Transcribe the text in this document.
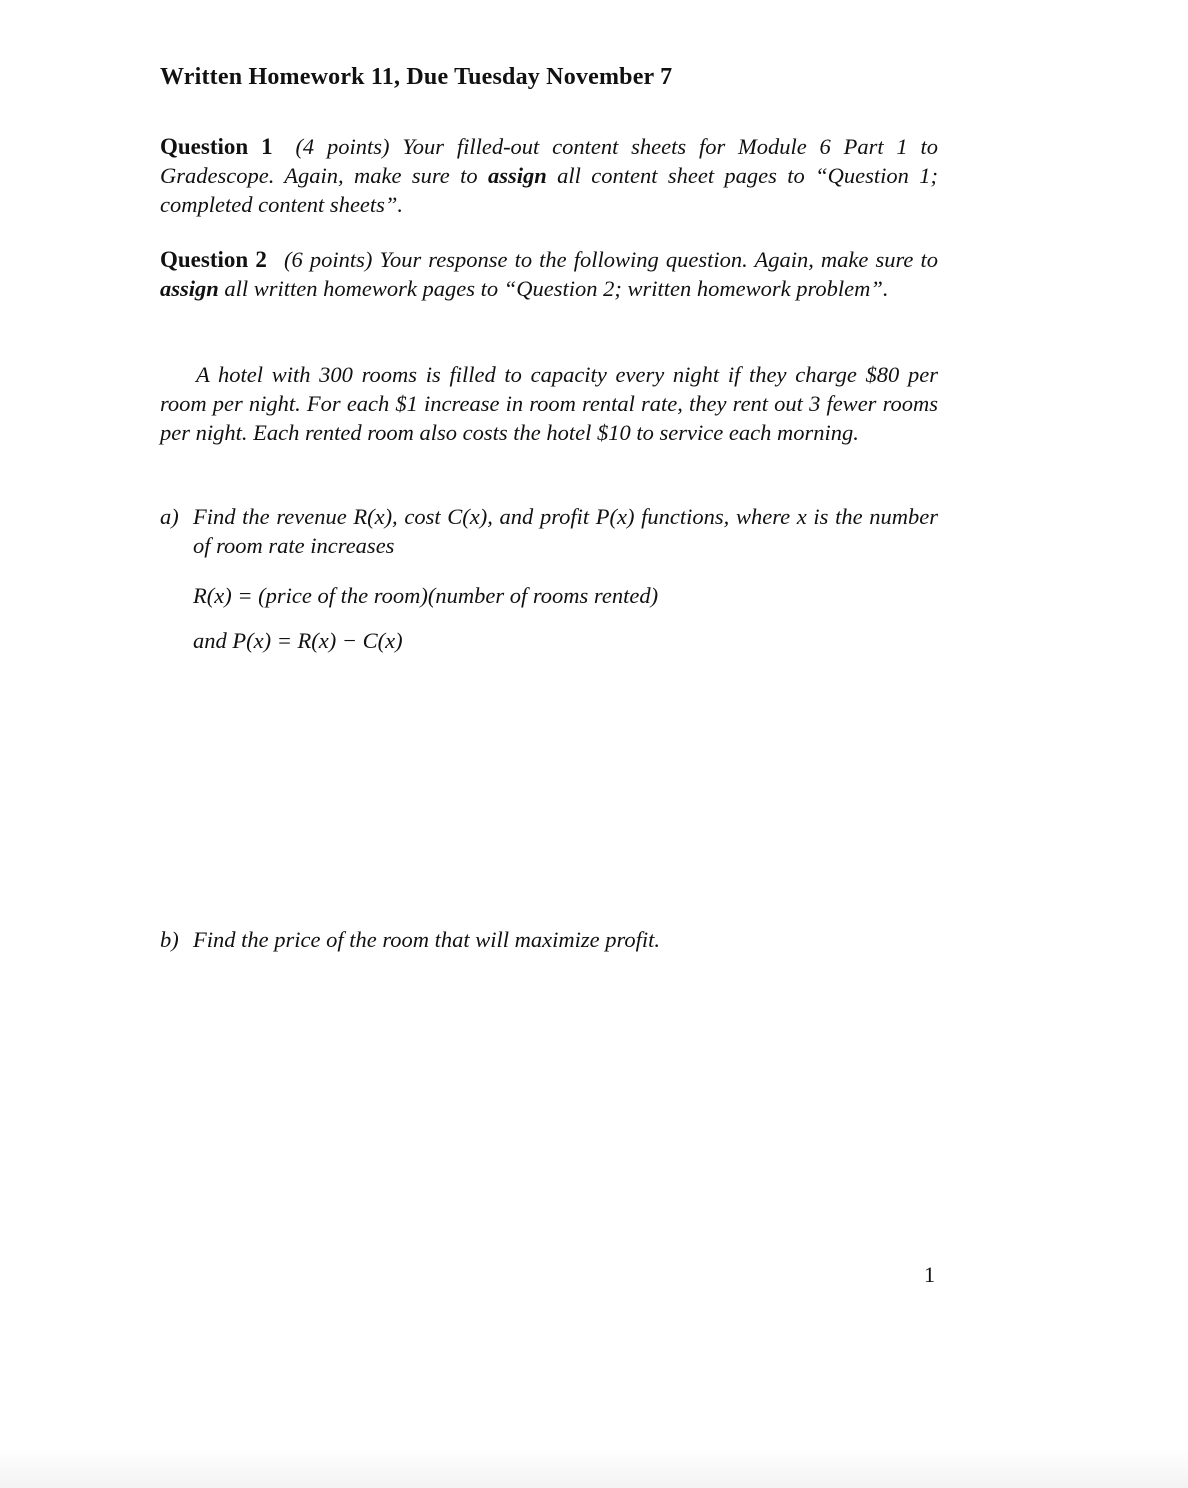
Written Homework 11, Due Tuesday November 7
Question 1 (4 points) Your filled-out content sheets for Module 6 Part 1 to Gradescope. Again, make sure to assign all content sheet pages to “Question 1; completed content sheets”.
Question 2 (6 points) Your response to the following question. Again, make sure to assign all written homework pages to “Question 2; written homework problem”.
A hotel with 300 rooms is filled to capacity every night if they charge $80 per room per night. For each $1 increase in room rental rate, they rent out 3 fewer rooms per night. Each rented room also costs the hotel $10 to service each morning.
a) Find the revenue R(x), cost C(x), and profit P(x) functions, where x is the number of room rate increases
R(x) = (price of the room)(number of rooms rented)
and P(x) = R(x) − C(x)
b) Find the price of the room that will maximize profit.
1
